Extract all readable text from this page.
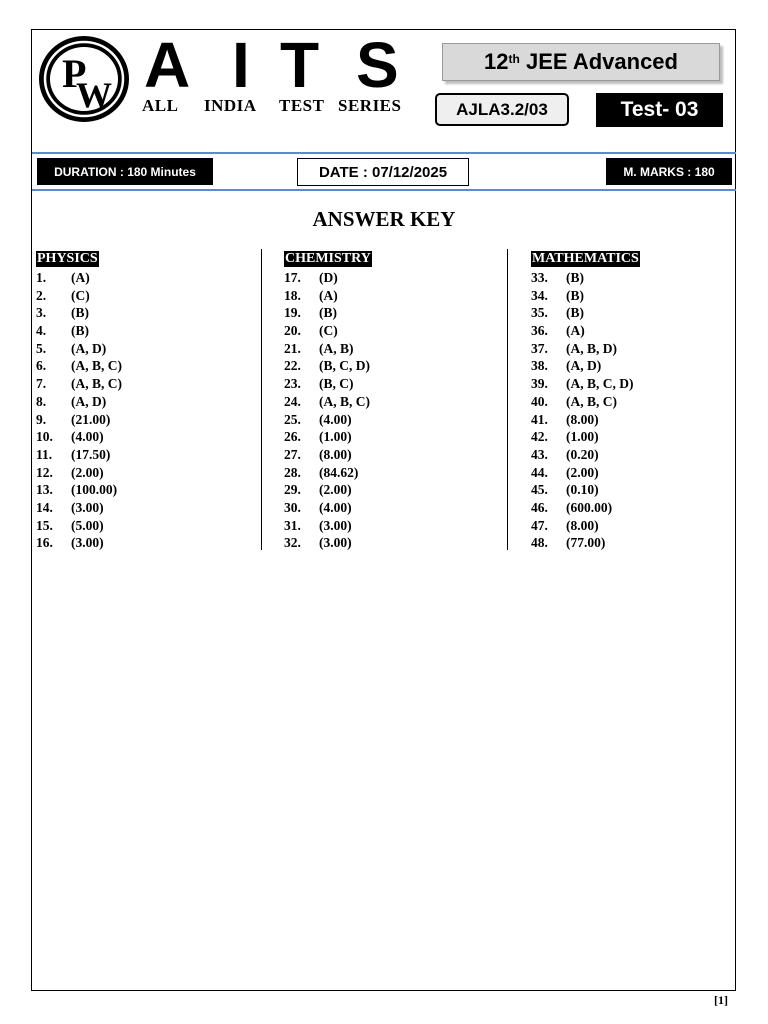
P
W A I T S
ALL INDIA TEST SERIES
12th
JEE Advanced
AJLA3.2/03	Test- 03
DURATION : 180 Minutes	DATE : 07/12/2025	M. MARKS : 180
ANSWER KEY
PHYSICS
1. (A)
2. (C)
3. (B)
4. (B)
5. (A, D)
6. (A, B, C)
7. (A, B, C)
8. (A, D)
9. (21.00)
10. (4.00)
11. (17.50)
12. (2.00)
13. (100.00)
14. (3.00)
15. (5.00)
16. (3.00)
CHEMISTRY
17. (D)
18. (A)
19. (B)
20. (C)
21. (A, B)
22. (B, C, D)
23. (B, C)
24. (A, B, C)
25. (4.00)
26. (1.00)
27. (8.00)
28. (84.62)
29. (2.00)
30. (4.00)
31. (3.00)
32. (3.00)
MATHEMATICS
33. (B)
34. (B)
35. (B)
36. (A)
37. (A, B, D)
38. (A, D)
39. (A, B, C, D)
40. (A, B, C)
41. (8.00)
42. (1.00)
43. (0.20)
44. (2.00)
45. (0.10)
46. (600.00)
47. (8.00)
48. (77.00)
[1]
